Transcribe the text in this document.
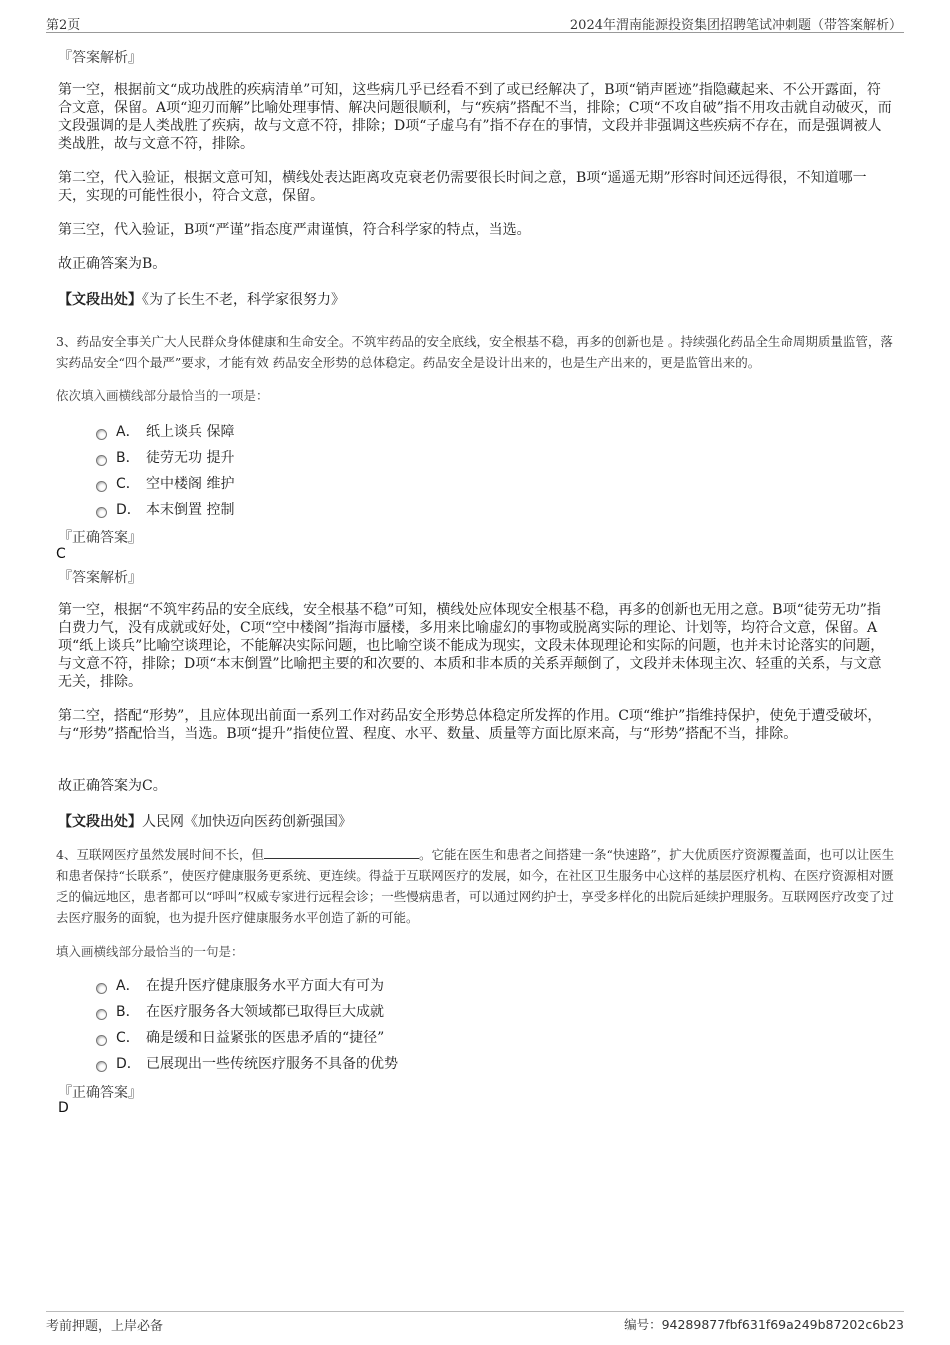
第2页	2024年渭南能源投资集团招聘笔试冲刺题（带答案解析）
『答案解析』
第一空，根据前文“成功战胜的疾病清单”可知，这些病几乎已经看不到了或已经解决了，B项“销声匿迹”指隐藏起来、不公开露面，符合文意，保留。A项“迎刃而解”比喻处理事情、解决问题很顺利，与“疾病”搭配不当，排除；C项“不攻自破”指不用攻击就自动破灭，而文段强调的是人类战胜了疾病，故与文意不符，排除；D项“子虚乌有”指不存在的事情，文段并非强调这些疾病不存在，而是强调被人类战胜，故与文意不符，排除。
第二空，代入验证，根据文意可知，横线处表达距离攻克衰老仍需要很长时间之意，B项“遥遥无期”形容时间还远得很，不知道哪一天，实现的可能性很小，符合文意，保留。
第三空，代入验证，B项“严谨”指态度严肃谨慎，符合科学家的特点，当选。
故正确答案为B。
【文段出处】《为了长生不老，科学家很努力》
3、药品安全事关广大人民群众身体健康和生命安全。不筑牢药品的安全底线，安全根基不稳，再多的创新也是 。持续强化药品全生命周期质量监管，落实药品安全“四个最严”要求，才能有效 药品安全形势的总体稳定。药品安全是设计出来的，也是生产出来的，更是监管出来的。
依次填入画横线部分最恰当的一项是：
A． 纸上谈兵 保障
B． 徒劳无功 提升
C． 空中楼阁 维护
D． 本末倒置 控制
『正确答案』
C
『答案解析』
第一空，根据“不筑牢药品的安全底线，安全根基不稳”可知，横线处应体现安全根基不稳，再多的创新也无用之意。B项“徒劳无功”指白费力气，没有成就或好处，C项“空中楼阁”指海市蜃楼，多用来比喻虚幻的事物或脱离实际的理论、计划等，均符合文意，保留。A项“纸上谈兵”比喻空谈理论，不能解决实际问题，也比喻空谈不能成为现实，文段未体现理论和实际的问题，也并未讨论落实的问题，与文意不符，排除；D项“本末倒置”比喻把主要的和次要的、本质和非本质的关系弄颠倒了，文段并未体现主次、轻重的关系，与文意无关，排除。
第二空，搭配“形势”，且应体现出前面一系列工作对药品安全形势总体稳定所发挥的作用。C项“维护”指维持保护，使免于遭受破坏，与“形势”搭配恰当，当选。B项“提升”指使位置、程度、水平、数量、质量等方面比原来高，与“形势”搭配不当，排除。
故正确答案为C。
【文段出处】人民网《加快迈向医药创新强国》
4、互联网医疗虽然发展时间不长，但	。它能在医生和患者之间搭建一条“快速路”，扩大优质医疗资源覆盖面，也可以让医生和患者保持“长联系”，使医疗健康服务更系统、更连续。得益于互联网医疗的发展，如今，在社区卫生服务中心这样的基层医疗机构、在医疗资源相对匮乏的偏远地区，患者都可以“呼叫”权威专家进行远程会诊；一些慢病患者，可以通过网约护士，享受多样化的出院后延续护理服务。互联网医疗改变了过去医疗服务的面貌，也为提升医疗健康服务水平创造了新的可能。
填入画横线部分最恰当的一句是：
A． 在提升医疗健康服务水平方面大有可为
B． 在医疗服务各大领域都已取得巨大成就
C． 确是缓和日益紧张的医患矛盾的“捷径”
D． 已展现出一些传统医疗服务不具备的优势
『正确答案』
D
考前押题，上岸必备	编号：94289877fbf631f69a249b87202c6b23
